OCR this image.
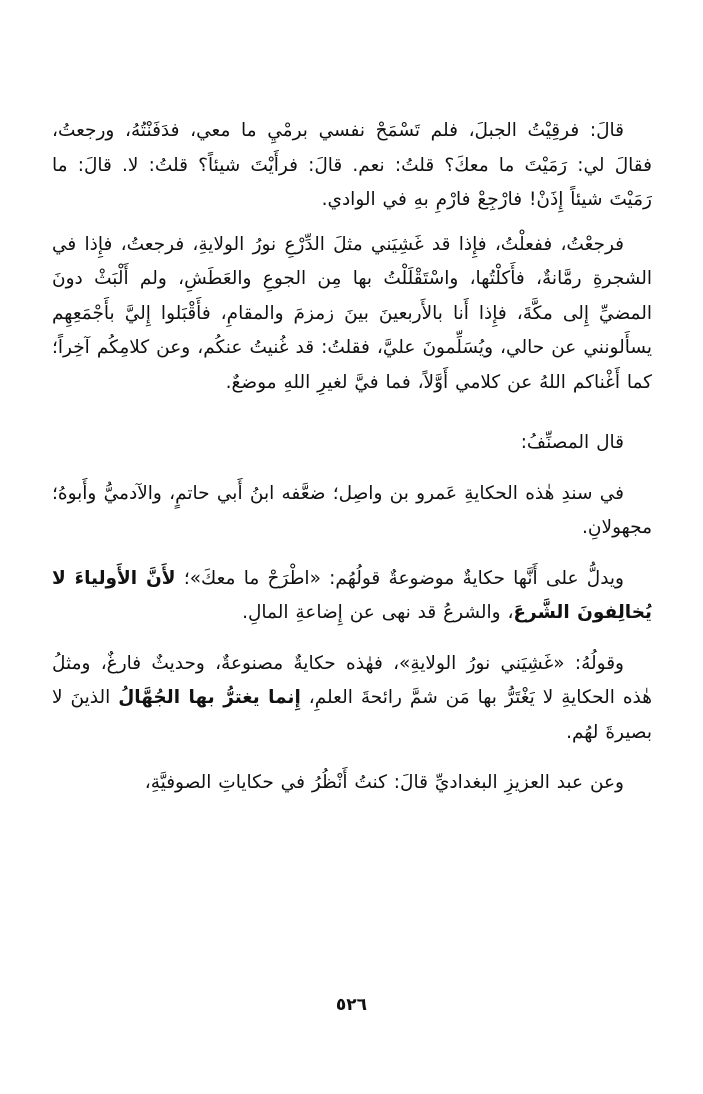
قالَ: فرقِيْتُ الجبلَ، فلم تَسْمَحْ نفسي برمْيِ ما معي، فدَفَنْتُهُ، ورجعتُ، فقالَ لي: رَمَيْتَ ما معكَ؟ قلتُ: نعم. قالَ: فرأَيْتَ شيئاً؟ قلتُ: لا. قالَ: ما رَمَيْتَ شيئاً إِذَنْ! فارْجِعْ فارْمِ بهِ في الوادي.

فرجعْتُ، ففعلْتُ، فإِذا قد غَشِيَني مثلَ الدِّرْعِ نورُ الولايةِ، فرجعتُ، فإِذا في الشجرةِ رمَّانةٌ، فأَكلْتُها، واسْتَقْلَلْتُ بها مِن الجوعِ والعَطَشِ، ولم أَلْبَثْ دونَ المضيِّ إِلى مكَّةَ، فإِذا أَنا بالأَربعينَ بينَ زمزمَ والمقامِ، فأَقْبَلوا إِليَّ بأَجْمَعِهِم يسأَلونني عن حالي، ويُسَلِّمونَ عليَّ، فقلتُ: قد غُنيتُ عنكُم، وعن كلامِكُم آخِراً؛ كما أَغْناكم اللهُ عن كلامي أَوَّلاً، فما فيَّ لغيرِ اللهِ موضعٌ.

قال المصنِّفُ:

في سندِ هٰذه الحكايةِ عَمرو بن واصِل؛ ضعَّفه ابنُ أَبي حاتمٍ، والآدميُّ وأَبوهُ؛ مجهولانِ.

ويدلُّ على أَنَّها حكايةٌ موضوعةٌ قولُهُم: «اطْرَحْ ما معكَ»؛ لأَنَّ الأَولياءَ لا يُخالِفونَ الشَّرعَ، والشرعُ قد نهى عن إِضاعةِ المالِ.

وقولُهُ: «غَشِيَني نورُ الولايةِ»، فهٰذه حكايةٌ مصنوعةٌ، وحديثٌ فارغٌ، ومثلُ هٰذه الحكايةِ لا يَغْتَرُّ بها مَن شمَّ رائحةَ العلمِ، إِنما يغترُّ بها الجُهَّالُ الذينَ لا بصيرةَ لهُم.

وعن عبد العزيزِ البغداديِّ قالَ: كنتُ أَنْظُرُ في حكاياتِ الصوفيَّةِ،

٥٢٦
